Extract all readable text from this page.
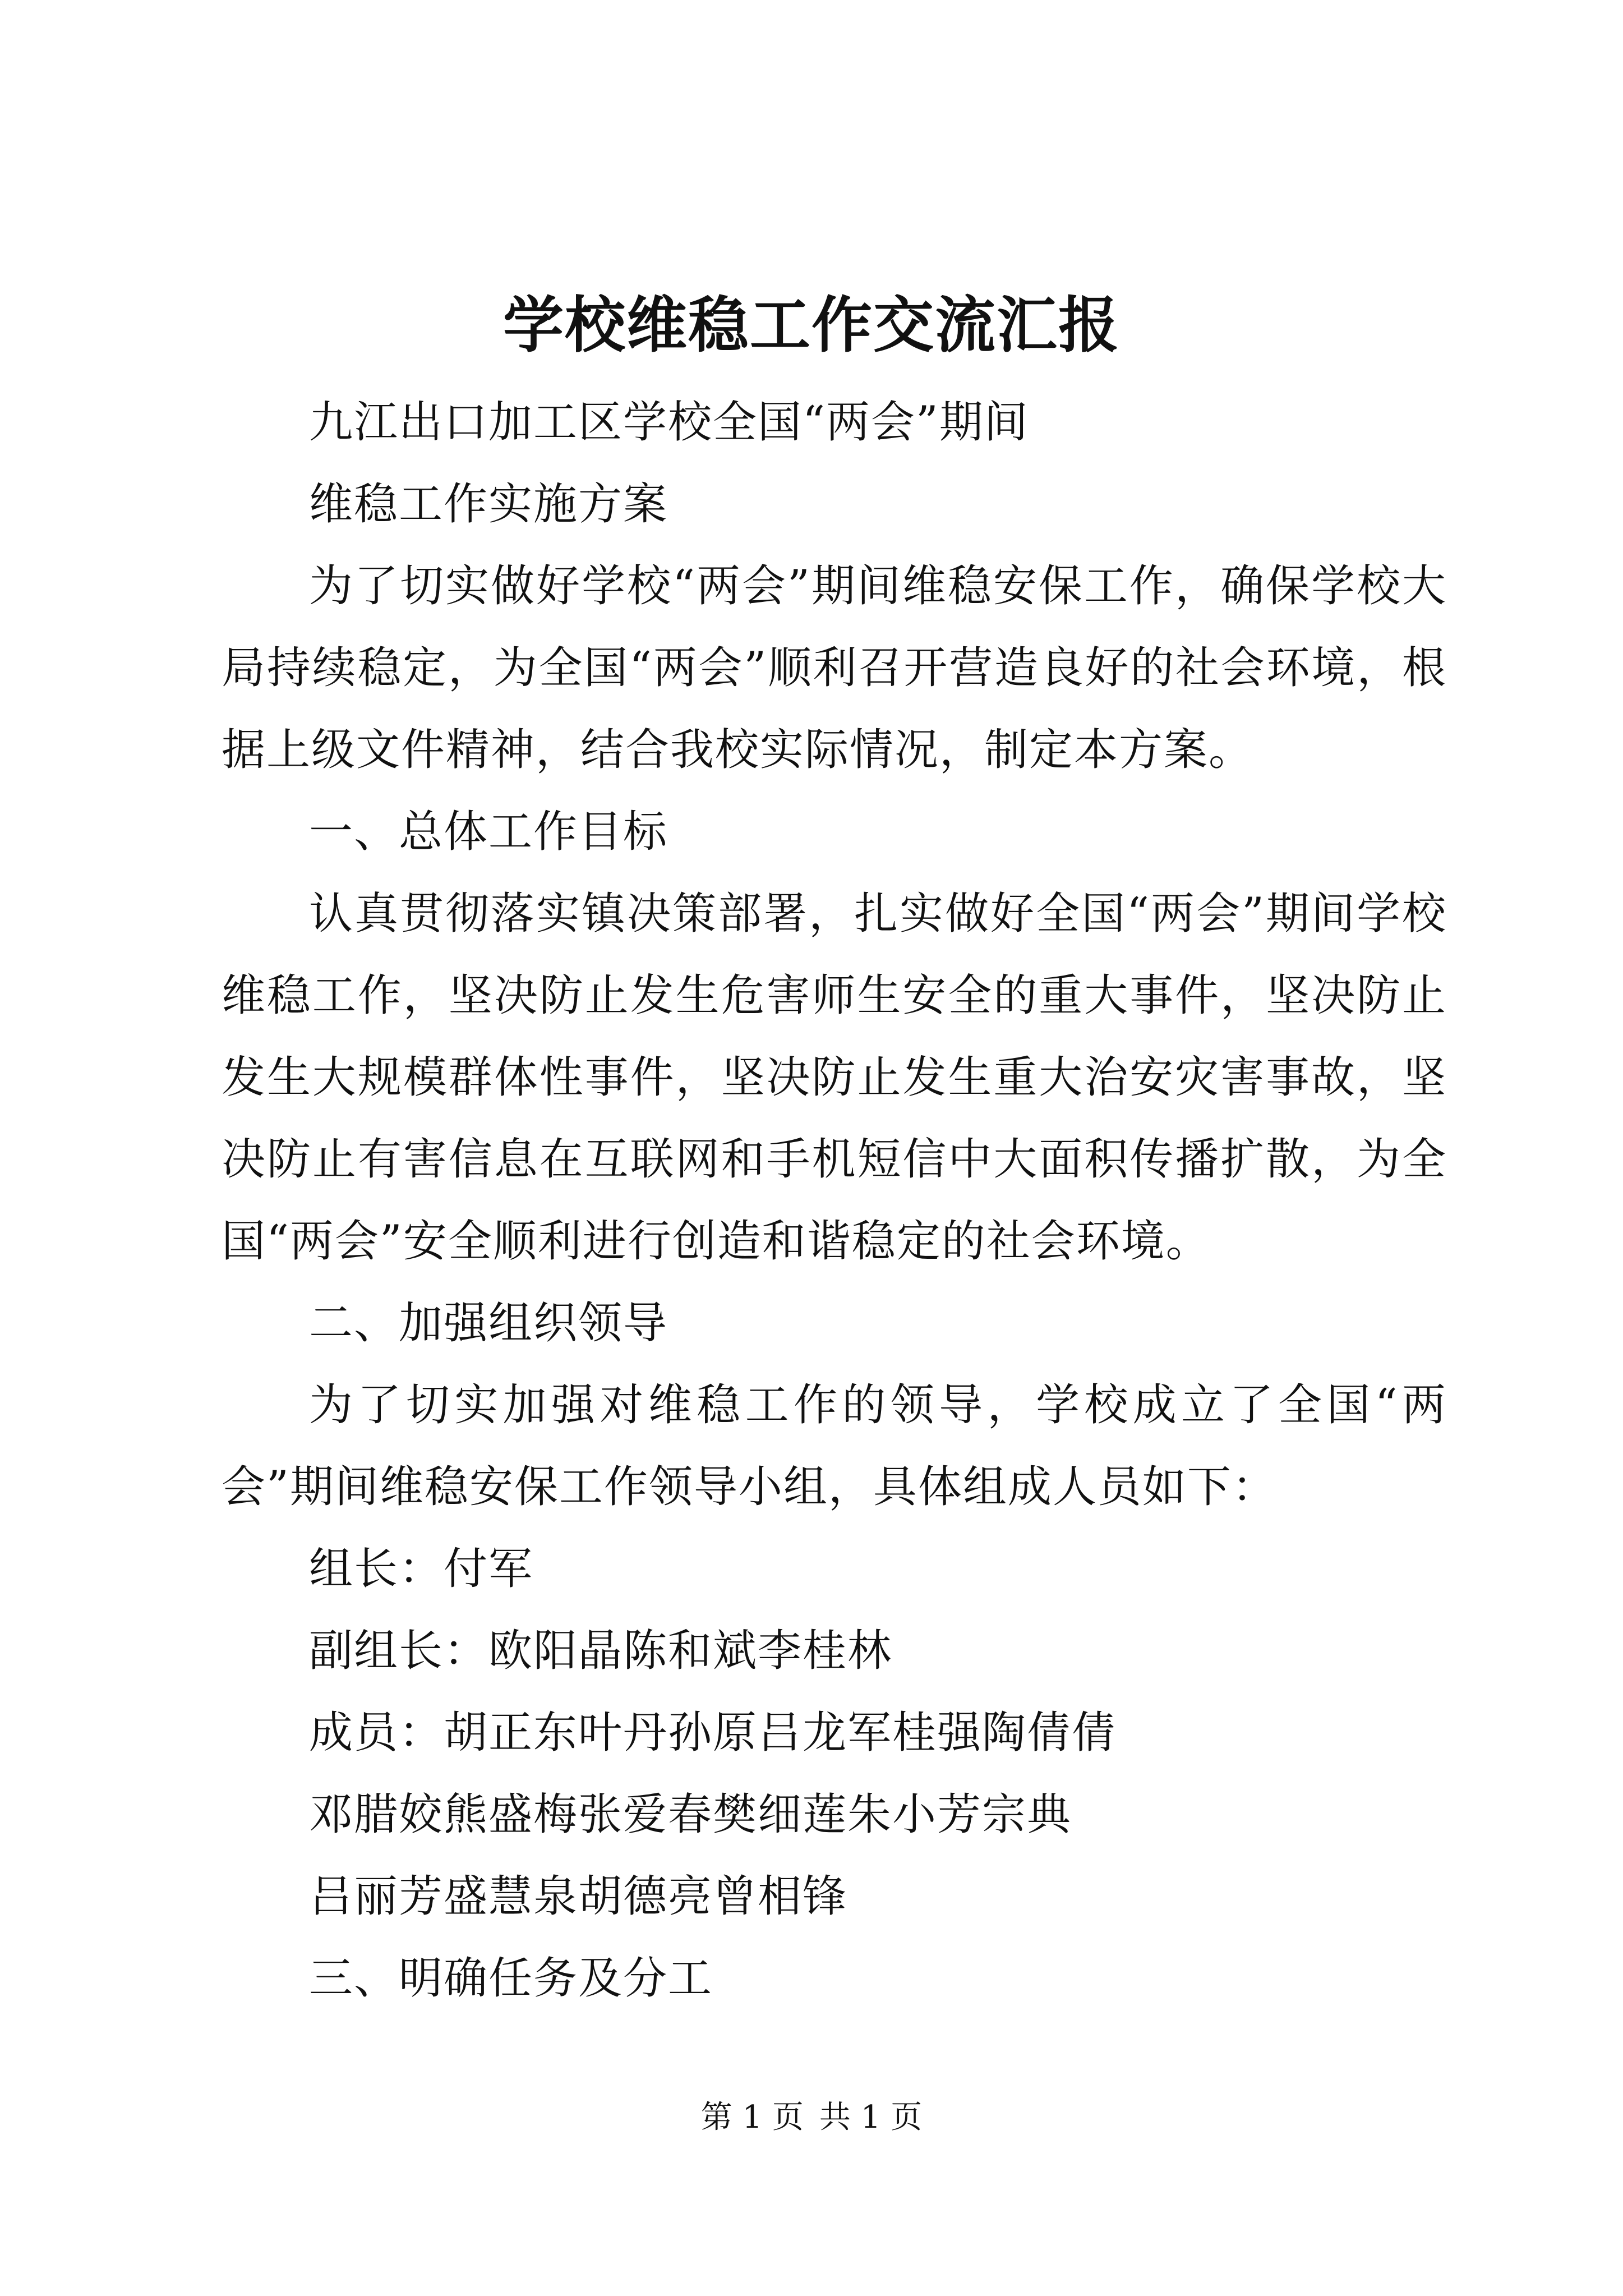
学校维稳工作交流汇报

九江出口加工区学校全国“两会”期间

维稳工作实施方案

为了切实做好学校“两会”期间维稳安保工作，确保学校大局持续稳定，为全国“两会”顺利召开营造良好的社会环境，根据上级文件精神，结合我校实际情况，制定本方案。

一、总体工作目标

认真贯彻落实镇决策部署，扎实做好全国“两会”期间学校维稳工作，坚决防止发生危害师生安全的重大事件，坚决防止发生大规模群体性事件，坚决防止发生重大治安灾害事故，坚决防止有害信息在互联网和手机短信中大面积传播扩散，为全国“两会”安全顺利进行创造和谐稳定的社会环境。

二、加强组织领导

为了切实加强对维稳工作的领导，学校成立了全国“两会”期间维稳安保工作领导小组，具体组成人员如下：

组长：付军

副组长：欧阳晶陈和斌李桂林

成员：胡正东叶丹孙原吕龙军桂强陶倩倩

邓腊姣熊盛梅张爱春樊细莲朱小芳宗典

吕丽芳盛慧泉胡德亮曾相锋

三、明确任务及分工

第 1 页 共 1 页
